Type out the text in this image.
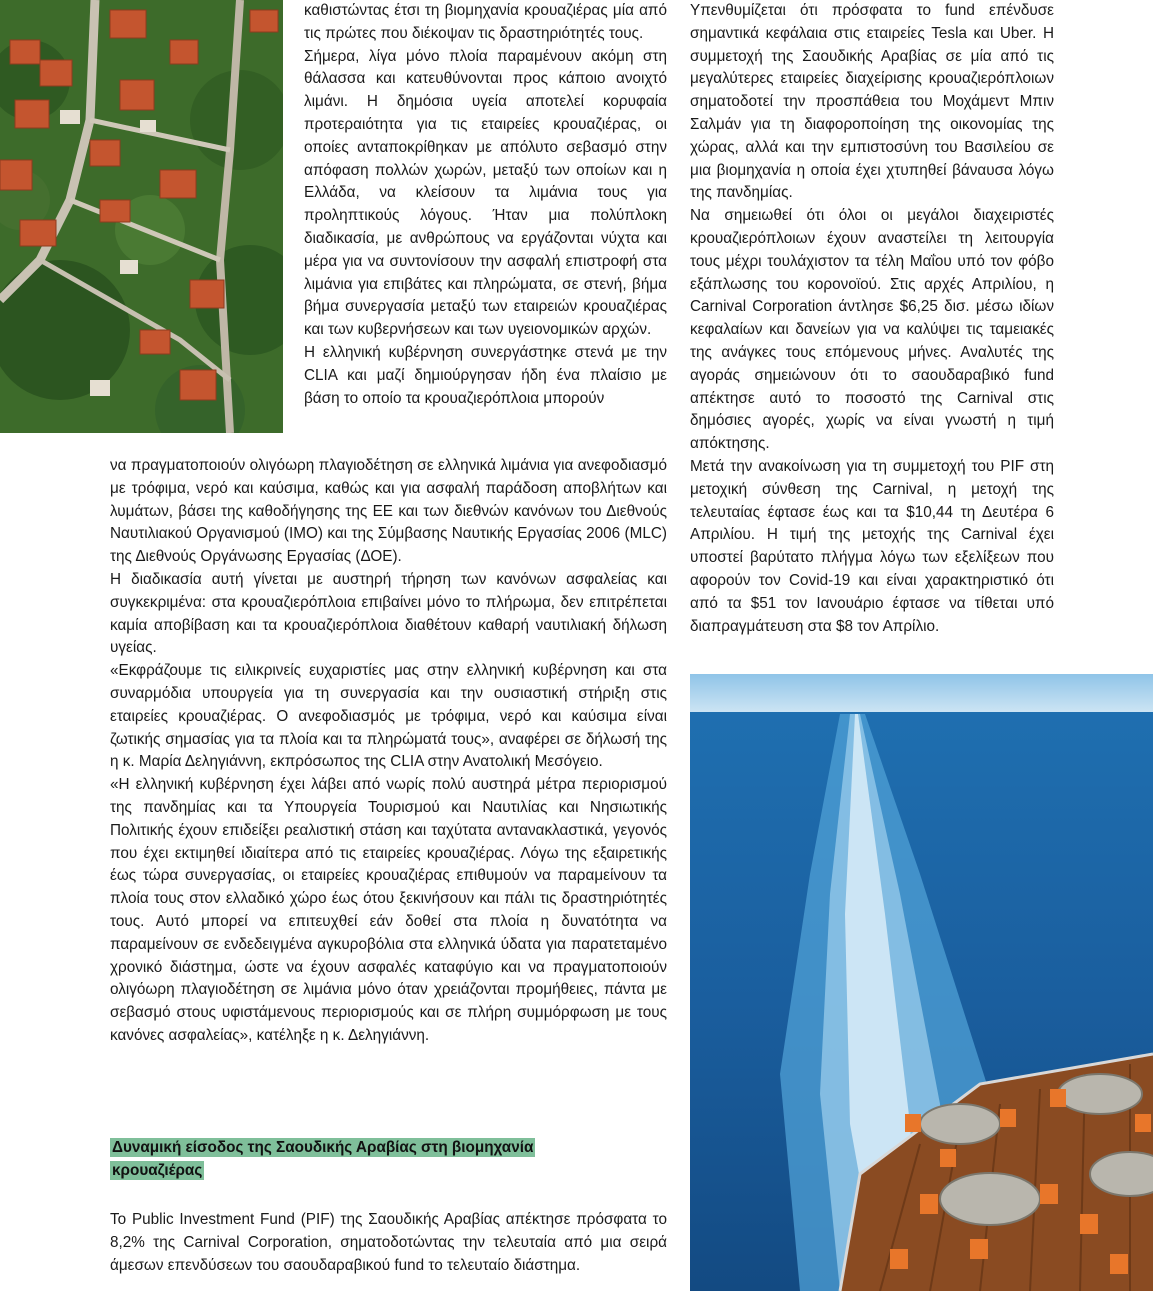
καθιστώντας έτσι τη βιομηχανία κρουαζιέρας μία από τις πρώτες που διέκοψαν τις δραστηριότητές τους.

Σήμερα, λίγα μόνο πλοία παραμένουν ακόμη στη θάλασσα και κατευθύνονται προς κάποιο ανοιχτό λιμάνι. Η δημόσια υγεία αποτελεί κορυφαία προτεραιότητα για τις εταιρείες κρουαζιέρας, οι οποίες ανταποκρίθηκαν με απόλυτο σεβασμό στην απόφαση πολλών χωρών, μεταξύ των οποίων και η Ελλάδα, να κλείσουν τα λιμάνια τους για προληπτικούς λόγους. Ήταν μια πολύπλοκη διαδικασία, με ανθρώπους να εργάζονται νύχτα και μέρα για να συντονίσουν την ασφαλή επιστροφή στα λιμάνια για επιβάτες και πληρώματα, σε στενή, βήμα βήμα συνεργασία μεταξύ των εταιρειών κρουαζιέρας και των κυβερνήσεων και των υγειονομικών αρχών.

Η ελληνική κυβέρνηση συνεργάστηκε στενά με την CLIA και μαζί δημιούργησαν ήδη ένα πλαίσιο με βάση το οποίο τα κρουαζιερόπλοια μπορούν

να πραγματοποιούν ολιγόωρη πλαγιοδέτηση σε ελληνικά λιμάνια για ανεφοδιασμό με τρόφιμα, νερό και καύσιμα, καθώς και για ασφαλή παράδοση αποβλήτων και λυμάτων, βάσει της καθοδήγησης της ΕΕ και των διεθνών κανόνων του Διεθνούς Ναυτιλιακού Οργανισμού (ΙΜΟ) και της Σύμβασης Ναυτικής Εργασίας 2006 (MLC) της Διεθνούς Οργάνωσης Εργασίας (ΔΟΕ).

Η διαδικασία αυτή γίνεται με αυστηρή τήρηση των κανόνων ασφαλείας και συγκεκριμένα: στα κρουαζιερόπλοια επιβαίνει μόνο το πλήρωμα, δεν επιτρέπεται καμία αποβίβαση και τα κρουαζιερόπλοια διαθέτουν καθαρή ναυτιλιακή δήλωση υγείας.

«Εκφράζουμε τις ειλικρινείς ευχαριστίες μας στην ελληνική κυβέρνηση και στα συναρμόδια υπουργεία για τη συνεργασία και την ουσιαστική στήριξη στις εταιρείες κρουαζιέρας. Ο ανεφοδιασμός με τρόφιμα, νερό και καύσιμα είναι ζωτικής σημασίας για τα πλοία και τα πληρώματά τους», αναφέρει σε δήλωσή της η κ. Μαρία Δεληγιάννη, εκπρόσωπος της CLIA στην Ανατολική Μεσόγειο.

«Η ελληνική κυβέρνηση έχει λάβει από νωρίς πολύ αυστηρά μέτρα περιορισμού της πανδημίας και τα Υπουργεία Τουρισμού και Ναυτιλίας και Νησιωτικής Πολιτικής έχουν επιδείξει ρεαλιστική στάση και ταχύτατα αντανακλαστικά, γεγονός που έχει εκτιμηθεί ιδιαίτερα από τις εταιρείες κρουαζιέρας. Λόγω της εξαιρετικής έως τώρα συνεργασίας, οι εταιρείες κρουαζιέρας επιθυμούν να παραμείνουν τα πλοία τους στον ελλαδικό χώρο έως ότου ξεκινήσουν και πάλι τις δραστηριότητές τους. Αυτό μπορεί να επιτευχθεί εάν δοθεί στα πλοία η δυνατότητα να παραμείνουν σε ενδεδειγμένα αγκυροβόλια στα ελληνικά ύδατα για παρατεταμένο χρονικό διάστημα, ώστε να έχουν ασφαλές καταφύγιο και να πραγματοποιούν ολιγόωρη πλαγιοδέτηση σε λιμάνια μόνο όταν χρειάζονται προμήθειες, πάντα με σεβασμό στους υφιστάμενους περιορισμούς και σε πλήρη συμμόρφωση με τους κανόνες ασφαλείας», κατέληξε η κ. Δεληγιάννη.

Δυναμική είσοδος της Σαουδικής Αραβίας στη βιομηχανία κρουαζιέρας

Το Public Investment Fund (PIF) της Σαουδικής Αραβίας απέκτησε πρόσφατα το 8,2% της Carnival Corporation, σηματοδοτώντας την τελευταία από μια σειρά άμεσων επενδύσεων του σαουδαραβικού fund το τελευταίο διάστημα.

Υπενθυμίζεται ότι πρόσφατα το fund επένδυσε σημαντικά κεφάλαια στις εταιρείες Tesla και Uber. Η συμμετοχή της Σαουδικής Αραβίας σε μία από τις μεγαλύτερες εταιρείες διαχείρισης κρουαζιερόπλοιων σηματοδοτεί την προσπάθεια του Μοχάμεντ Μπιν Σαλμάν για τη διαφοροποίηση της οικονομίας της χώρας, αλλά και την εμπιστοσύνη του Βασιλείου σε μια βιομηχανία η οποία έχει χτυπηθεί βάναυσα λόγω της πανδημίας.

Να σημειωθεί ότι όλοι οι μεγάλοι διαχειριστές κρουαζιερόπλοιων έχουν αναστείλει τη λειτουργία τους μέχρι τουλάχιστον τα τέλη Μαΐου υπό τον φόβο εξάπλωσης του κορονοϊού. Στις αρχές Απριλίου, η Carnival Corporation άντλησε $6,25 δισ. μέσω ιδίων κεφαλαίων και δανείων για να καλύψει τις ταμειακές της ανάγκες τους επόμενους μήνες. Αναλυτές της αγοράς σημειώνουν ότι το σαουδαραβικό fund απέκτησε αυτό το ποσοστό της Carnival στις δημόσιες αγορές, χωρίς να είναι γνωστή η τιμή απόκτησης.

Μετά την ανακοίνωση για τη συμμετοχή του PIF στη μετοχική σύνθεση της Carnival, η μετοχή της τελευταίας έφτασε έως και τα $10,44 τη Δευτέρα 6 Απριλίου. Η τιμή της μετοχής της Carnival έχει υποστεί βαρύτατο πλήγμα λόγω των εξελίξεων που αφορούν τον Covid-19 και είναι χαρακτηριστικό ότι από τα $51 τον Ιανουάριο έφτασε να τίθεται υπό διαπραγμάτευση στα $8 τον Απρίλιο.
